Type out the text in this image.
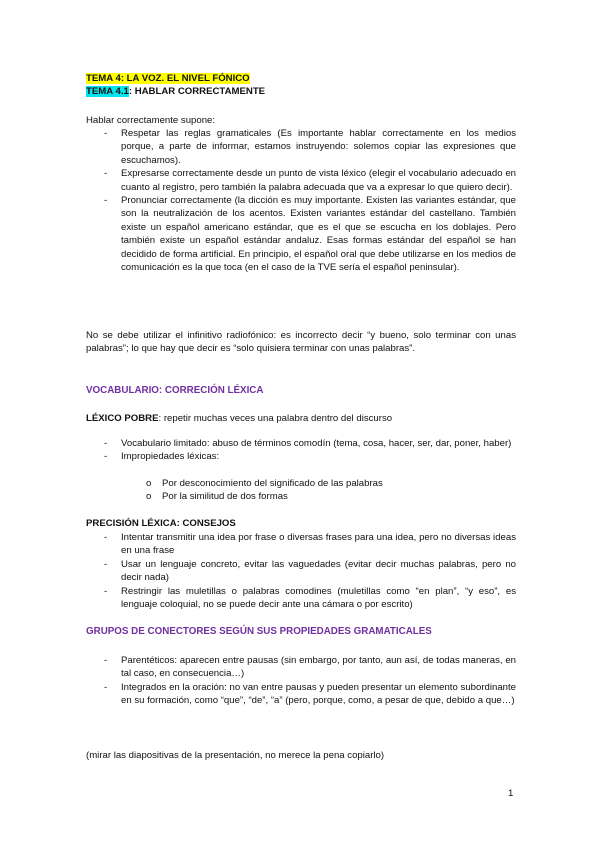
TEMA 4: LA VOZ. EL NIVEL FÓNICO
TEMA 4.1: HABLAR CORRECTAMENTE
Hablar correctamente supone:
- Respetar las reglas gramaticales (Es importante hablar correctamente en los medios porque, a parte de informar, estamos instruyendo: solemos copiar las expresiones que escuchamos).
- Expresarse correctamente desde un punto de vista léxico (elegir el vocabulario adecuado en cuanto al registro, pero también la palabra adecuada que va a expresar lo que quiero decir).
- Pronunciar correctamente (la dicción es muy importante. Existen las variantes estándar, que son la neutralización de los acentos. Existen variantes estándar del castellano. También existe un español americano estándar, que es el que se escucha en los doblajes. Pero también existe un español estándar andaluz. Esas formas estándar del español se han decidido de forma artificial. En principio, el español oral que debe utilizarse en los medios de comunicación es la que toca (en el caso de la TVE sería el español peninsular).
No se debe utilizar el infinitivo radiofónico: es incorrecto decir “y bueno, solo terminar con unas palabras”; lo que hay que decir es “solo quisiera terminar con unas palabras”.
VOCABULARIO: CORRECIÓN LÉXICA
LÉXICO POBRE: repetir muchas veces una palabra dentro del discurso
- Vocabulario limitado: abuso de términos comodín (tema, cosa, hacer, ser, dar, poner, haber)
- Impropiedades léxicas:
o Por desconocimiento del significado de las palabras
o Por la similitud de dos formas
PRECISIÓN LÉXICA: CONSEJOS
- Intentar transmitir una idea por frase o diversas frases para una idea, pero no diversas ideas en una frase
- Usar un lenguaje concreto, evitar las vaguedades (evitar decir muchas palabras, pero no decir nada)
- Restringir las muletillas o palabras comodines (muletillas como “en plan”, “y eso”, es lenguaje coloquial, no se puede decir ante una cámara o por escrito)
GRUPOS DE CONECTORES SEGÚN SUS PROPIEDADES GRAMATICALES
- Parentéticos: aparecen entre pausas (sin embargo, por tanto, aun así, de todas maneras, en tal caso, en consecuencia…)
- Integrados en la oración: no van entre pausas y pueden presentar un elemento subordinante en su formación, como “que”, “de”, “a” (pero, porque, como, a pesar de que, debido a que…)
(mirar las diapositivas de la presentación, no merece la pena copiarlo)
1
